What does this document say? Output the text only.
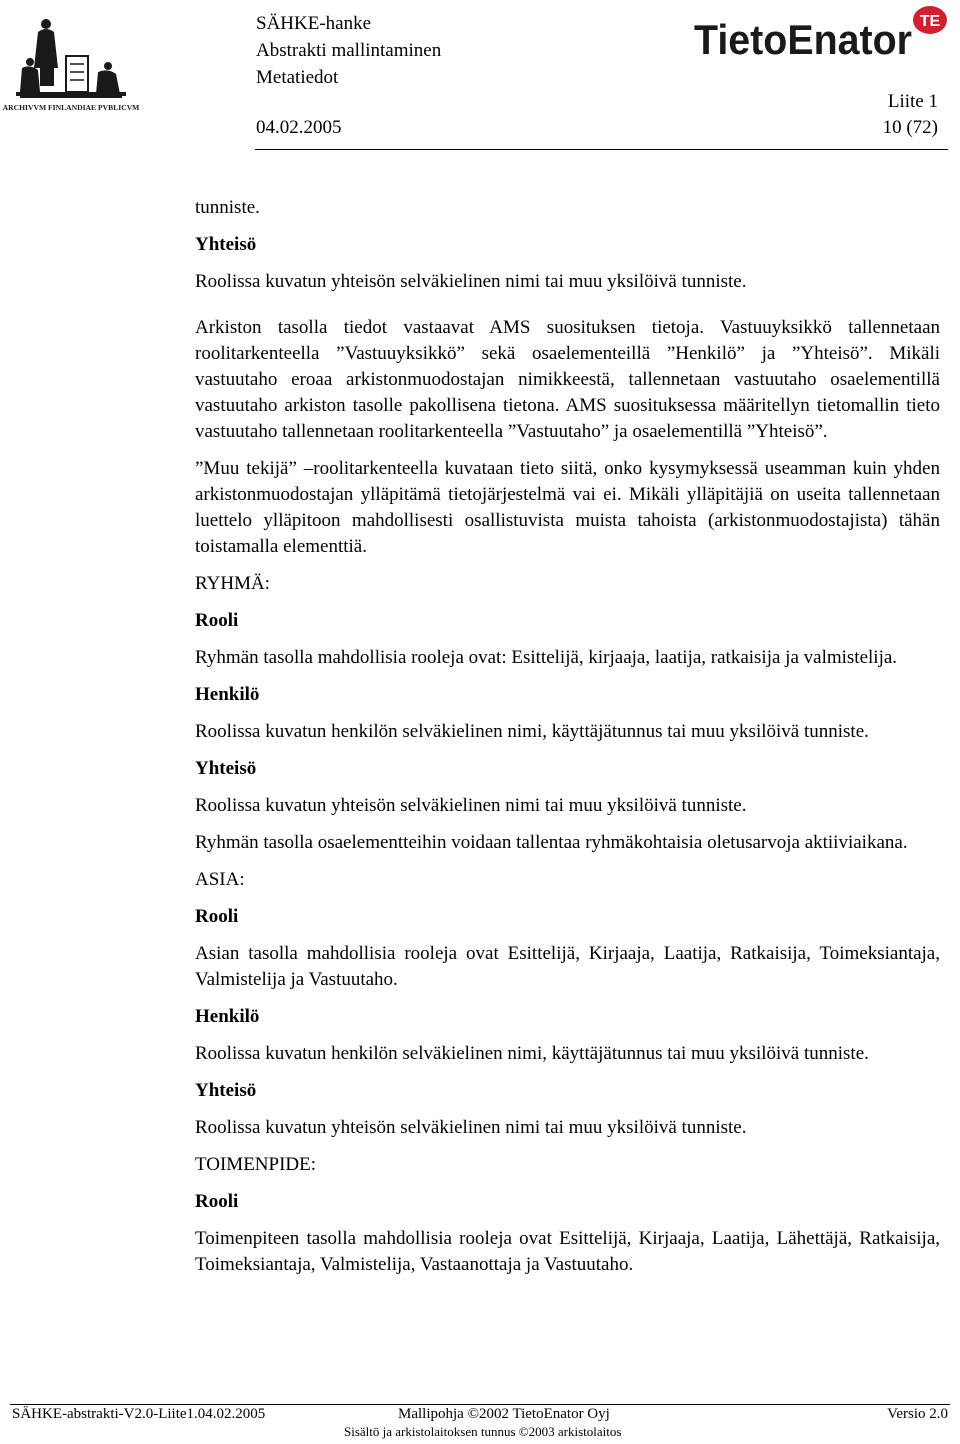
ARCHIVVM FINLANDIAE PVBLICVM
SÄHKE-hanke
Abstrakti mallintaminen
Metatiedot
TietoEnator TE
Liite 1
04.02.2005	10 (72)

tunniste.

Yhteisö

Roolissa kuvatun yhteisön selväkielinen nimi tai muu yksilöivä tunniste.

Arkiston tasolla tiedot vastaavat AMS suosituksen tietoja. Vastuuyksikkö tallennetaan roolitarkenteella ”Vastuuyksikkö” sekä osaelementeillä ”Henkilö” ja ”Yhteisö”. Mikäli vastuutaho eroaa arkistonmuodostajan nimikkeestä, tallennetaan vastuutaho osaelementillä vastuutaho arkiston tasolle pakollisena tietona. AMS suosituksessa määritellyn tietomallin tieto vastuutaho tallennetaan roolitarkenteella ”Vastuutaho” ja osaelementillä ”Yhteisö”.

”Muu tekijä” –roolitarkenteella kuvataan tieto siitä, onko kysymyksessä useamman kuin yhden arkistonmuodostajan ylläpitämä tietojärjestelmä vai ei. Mikäli ylläpitäjiä on useita tallennetaan luettelo ylläpitoon mahdollisesti osallistuvista muista tahoista (arkistonmuodostajista) tähän toistamalla elementtiä.

RYHMÄ:

Rooli

Ryhmän tasolla mahdollisia rooleja ovat: Esittelijä, kirjaaja, laatija, ratkaisija ja valmistelija.

Henkilö

Roolissa kuvatun henkilön selväkielinen nimi, käyttäjätunnus tai muu yksilöivä tunniste.

Yhteisö

Roolissa kuvatun yhteisön selväkielinen nimi tai muu yksilöivä tunniste.

Ryhmän tasolla osaelementteihin voidaan tallentaa ryhmäkohtaisia oletusarvoja aktiiviaikana.

ASIA:

Rooli

Asian tasolla mahdollisia rooleja ovat Esittelijä, Kirjaaja, Laatija, Ratkaisija, Toimeksiantaja, Valmistelija ja Vastuutaho.

Henkilö

Roolissa kuvatun henkilön selväkielinen nimi, käyttäjätunnus tai muu yksilöivä tunniste.

Yhteisö

Roolissa kuvatun yhteisön selväkielinen nimi tai muu yksilöivä tunniste.

TOIMENPIDE:

Rooli

Toimenpiteen tasolla mahdollisia rooleja ovat Esittelijä, Kirjaaja, Laatija, Lähettäjä, Ratkaisija, Toimeksiantaja, Valmistelija, Vastaanottaja ja Vastuutaho.

SÄHKE-abstrakti-V2.0-Liite1.04.02.2005	Mallipohja ©2002 TietoEnator Oyj	Versio 2.0
Sisältö ja arkistolaitoksen tunnus ©2003 arkistolaitos
